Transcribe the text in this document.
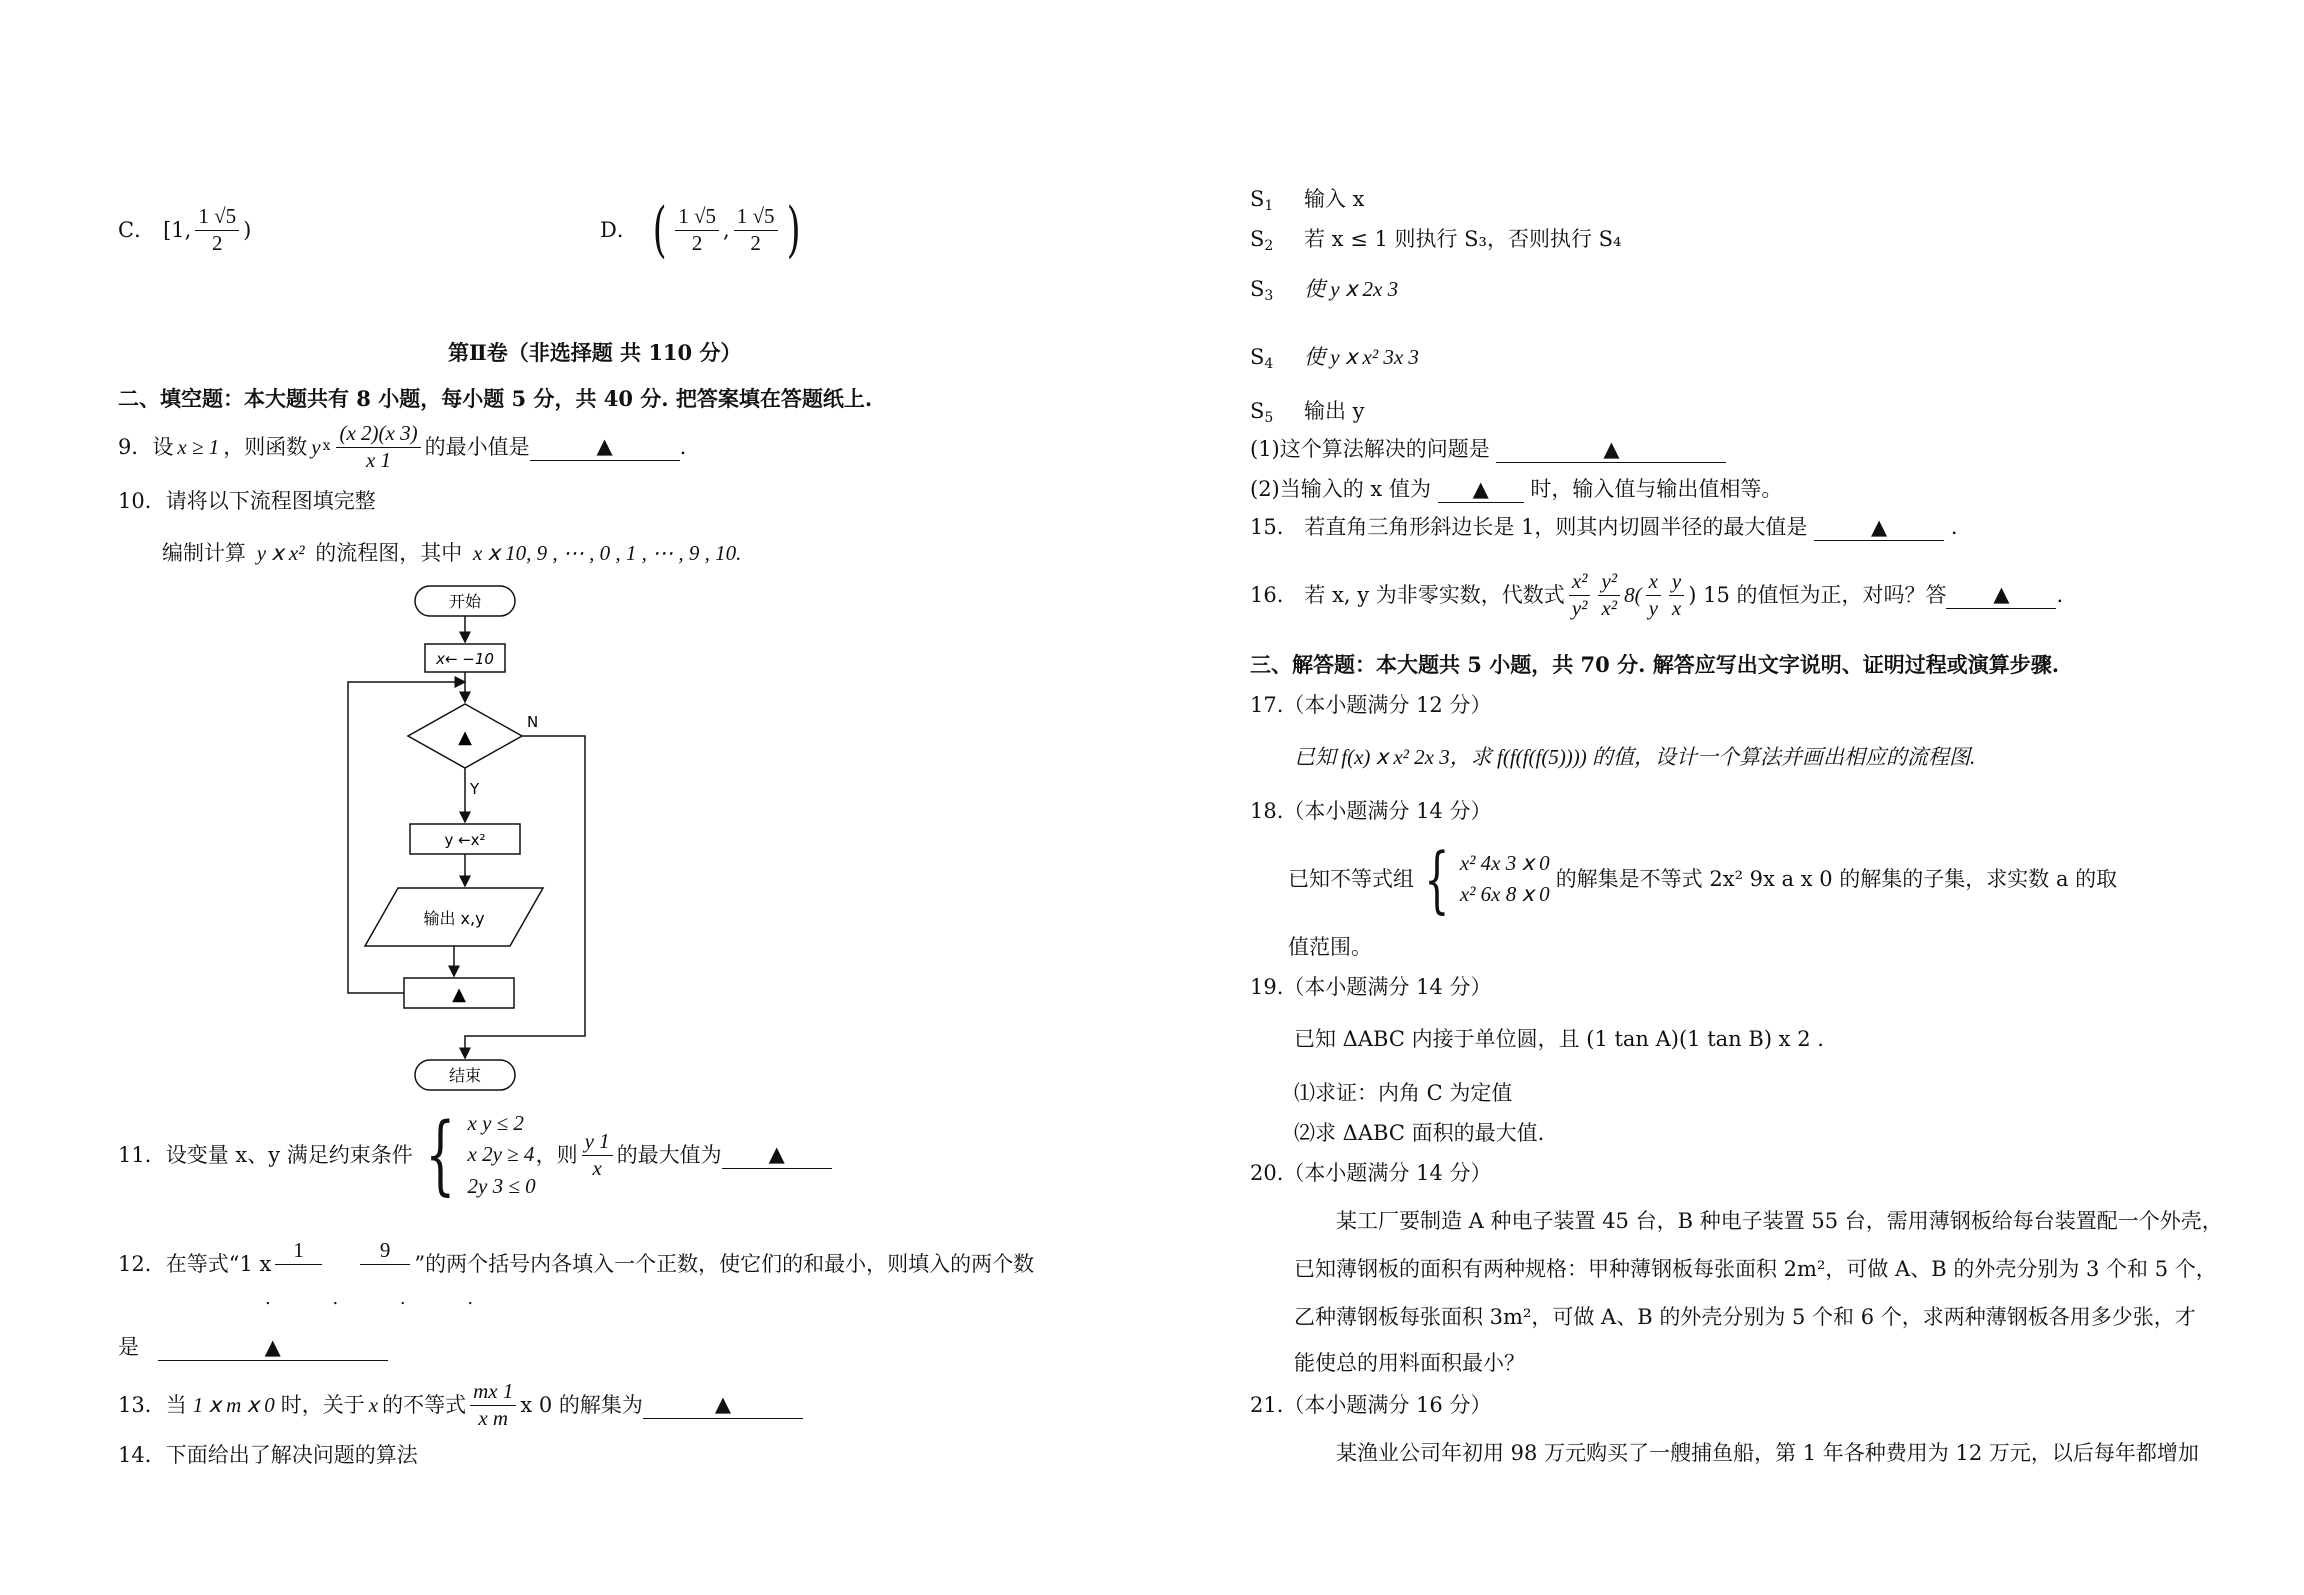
C． [1, $\frac{1 √5}{2}$ )	D． ( $\frac{1 √5}{2}$ , $\frac{1 √5}{2}$ )
第Ⅱ卷（非选择题 共 110 分）
二、填空题：本大题共有 8 小题，每小题 5 分，共 40 分. 把答案填在答题纸上.
9．设 x ≥ 1 ，则函数 y ⅹ $\frac{(x 2)(x 3)}{x 1}$ 的最小值是	▲	.
10．请将以下流程图填完整
编制计算 y ⅹ x² 的流程图，其中 x ⅹ 10, 9 , ⋯ , 0 , 1 , ⋯ , 9 , 10.
开始
x← −10
▲
N
Y
y ←x²
输出 x,y
▲
结束
11．设变量 x、y 满足约束条件 { x y ≤ 2
x 2y ≥ 4
2y 3 ≤ 0
，则 $\frac{y 1}{x}$ 的最大值为	▲
12．在等式“1 ⅹ
1
	9

”的两个括号内各填入一个正数，使它们的和最小，则填入的两个数
. . . .
是	▲
13．当 1 ⅹ m ⅹ 0 时，关于 x 的不等式 $\frac{mx 1}{\text{x m}}$ ⅹ 0 的解集为	▲
14．下面给出了解决问题的算法
$S_1$ 输入 x
$S_2$ 若 x ≤ 1 则执行 S₃，否则执行 S₄
$S_3$ 使 y ⅹ 2x 3
$S_4$ 使 y ⅹ x² 3x 3
$S_5$ 输出 y
(1)这个算法解决的问题是	▲
(2)当输入的 x 值为 ▲ 时，输入值与输出值相等。
15.　若直角三角形斜边长是 1，则其内切圆半径的最大值是	▲	.
16.　若 x, y 为非零实数，代数式 $\frac{\text{x²}}{\text{y²}} \frac{\text{y²}}{\text{x²}} 8( \frac{x}{y} \frac{y}{x}$ ) 15 的值恒为正，对吗？答	▲	.
三、解答题：本大题共 5 小题，共 70 分. 解答应写出文字说明、证明过程或演算步骤.
17.（本小题满分 12 分）
已知 f(x) ⅹ x² 2x 3，求 f(f(f(f(5)))) 的值，设计一个算法并画出相应的流程图.
18.（本小题满分 14 分）
已知不等式组 { x² 4x 3 ⅹ 0
x² 6x 8 ⅹ 0
的解集是不等式 2x² 9x a ⅹ 0 的解集的子集，求实数 a 的取
值范围。
19.（本小题满分 14 分）
已知 ΔABC 内接于单位圆，且 (1 tan A)(1 tan B) ⅹ 2 .
⑴求证：内角 C 为定值
⑵求 ΔABC 面积的最大值.
20.（本小题满分 14 分）
某工厂要制造 A 种电子装置 45 台，B 种电子装置 55 台，需用薄钢板给每台装置配一个外壳，
已知薄钢板的面积有两种规格：甲种薄钢板每张面积 2m²，可做 A、B 的外壳分别为 3 个和 5 个，
乙种薄钢板每张面积 3m²，可做 A、B 的外壳分别为 5 个和 6 个，求两种薄钢板各用多少张，才
能使总的用料面积最小？
21.（本小题满分 16 分）
某渔业公司年初用 98 万元购买了一艘捕鱼船，第 1 年各种费用为 12 万元，以后每年都增加
